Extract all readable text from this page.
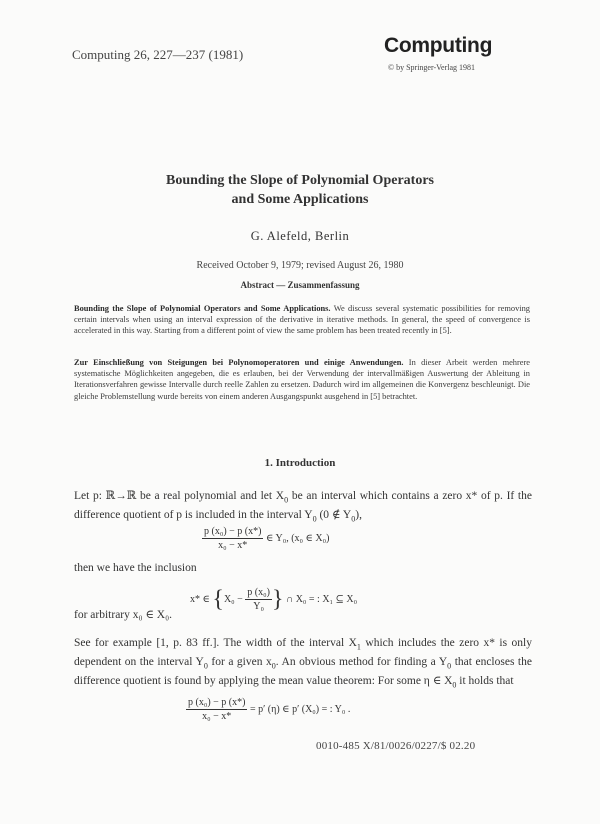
Computing 26, 227—237 (1981)	Computing
© by Springer-Verlag 1981
Bounding the Slope of Polynomial Operators
and Some Applications
G. Alefeld, Berlin
Received October 9, 1979; revised August 26, 1980
Abstract — Zusammenfassung
Bounding the Slope of Polynomial Operators and Some Applications. We discuss several systematic possibilities for removing certain intervals when using an interval expression of the derivative in iterative methods. In general, the speed of convergence is accelerated in this way. Starting from a different point of view the same problem has been treated recently in [5].
Zur Einschließung von Steigungen bei Polynomoperatoren und einige Anwendungen. In dieser Arbeit werden mehrere systematische Möglichkeiten angegeben, die es erlauben, bei der Verwendung der intervallmäßigen Auswertung der Ableitung in Iterationsverfahren gewisse Intervalle durch reelle Zahlen zu ersetzen. Dadurch wird im allgemeinen die Konvergenz beschleunigt. Die gleiche Problemstellung wurde bereits von einem anderen Ausgangspunkt ausgehend in [5] betrachtet.
1. Introduction
Let p: ℝ→ℝ be a real polynomial and let $X_0$ be an interval which contains a zero x* of p. If the difference quotient of p is included in the interval $Y_0$ (0 ∉ $Y_0$),
$\frac{\text{p (x₀) − p (x*)}}{\text{x₀ − x*}}$ ∈ Y₀, (x₀ ∈ X₀)
then we have the inclusion
x* ∈ {$X_0 - \frac{\text{p (x₀)}}{\text{Y₀}}$ } ∩ X₀ = : X₁ ⊆ X₀
for arbitrary x₀ ∈ X₀.
See for example [1, p. 83 ff.]. The width of the interval $X_1$ which includes the zero x* is only dependent on the interval $Y_0$ for a given $x_0$. An obvious method for finding a $Y_0$ that encloses the difference quotient is found by applying the mean value theorem: For some η ∈ $X_0$ it holds that
$\frac{\text{p (x₀) − p (x*)}}{\text{x₀ − x*}} = p'$ (η) ∈ p′ (X₀) = : Y₀ .
0010-485 X/81/0026/0227/$ 02.20
